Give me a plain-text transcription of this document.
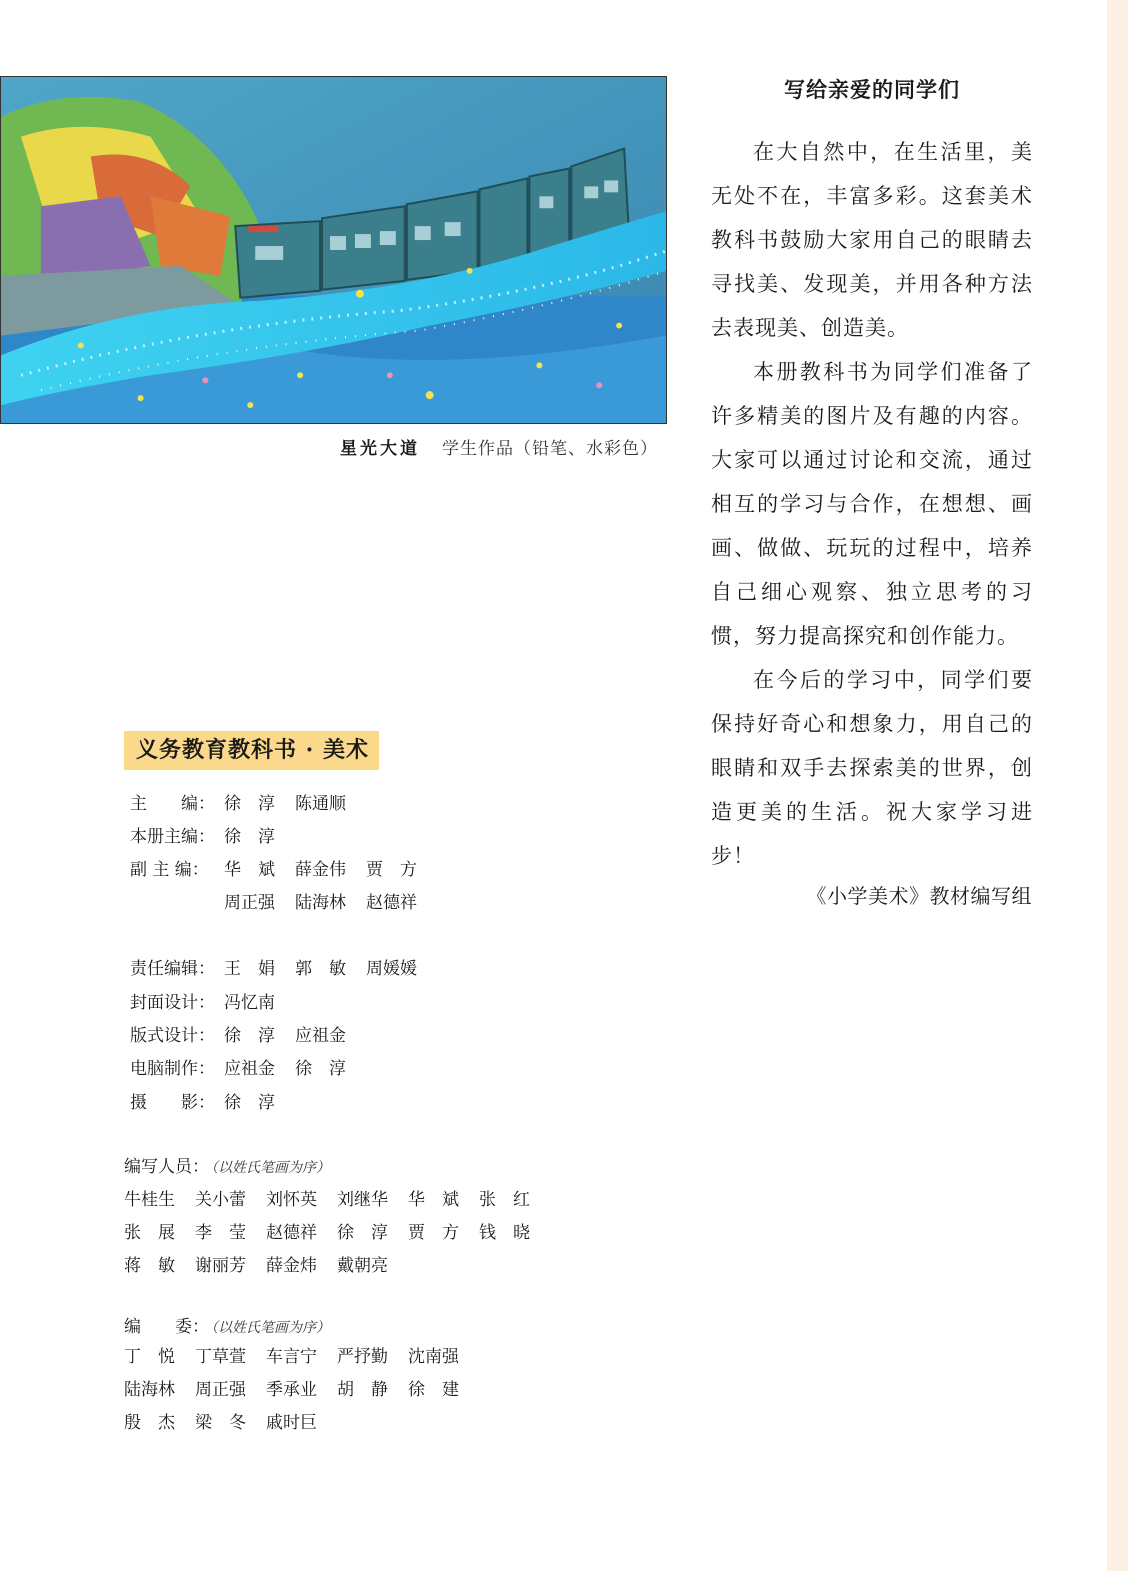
星光大道 学生作品（铅笔、水彩色）
写给亲爱的同学们

在大自然中，在生活里，美无处不在，丰富多彩。这套美术教科书鼓励大家用自己的眼睛去寻找美、发现美，并用各种方法去表现美、创造美。

本册教科书为同学们准备了许多精美的图片及有趣的内容。大家可以通过讨论和交流，通过相互的学习与合作，在想想、画画、做做、玩玩的过程中，培养自己细心观察、独立思考的习惯，努力提高探究和创作能力。

在今后的学习中，同学们要保持好奇心和想象力，用自己的眼睛和双手去探索美的世界，创造更美的生活。祝大家学习进步！

《小学美术》教材编写组
义务教育教科书 · 美术
主　　编： 徐　淳 陈通顺
本册主编： 徐　淳
副 主 编： 华　斌 薛金伟 贾　方
周正强 陆海林 赵德祥
责任编辑： 王　娟 郭　敏 周媛媛
封面设计： 冯忆南
版式设计： 徐　淳 应祖金
电脑制作： 应祖金 徐　淳
摄　　影： 徐　淳
编写人员： （以姓氏笔画为序）
牛桂生 关小蕾 刘怀英 刘继华 华　斌 张　红
张　展 李　莹 赵德祥 徐　淳 贾　方 钱　晓
蒋　敏 谢丽芳 薛金炜 戴朝亮
编　　委： （以姓氏笔画为序）
丁　悦 丁草萱 车言宁 严抒勤 沈南强
陆海林 周正强 季承业 胡　静 徐　建
殷　杰 梁　冬 戚时巨
